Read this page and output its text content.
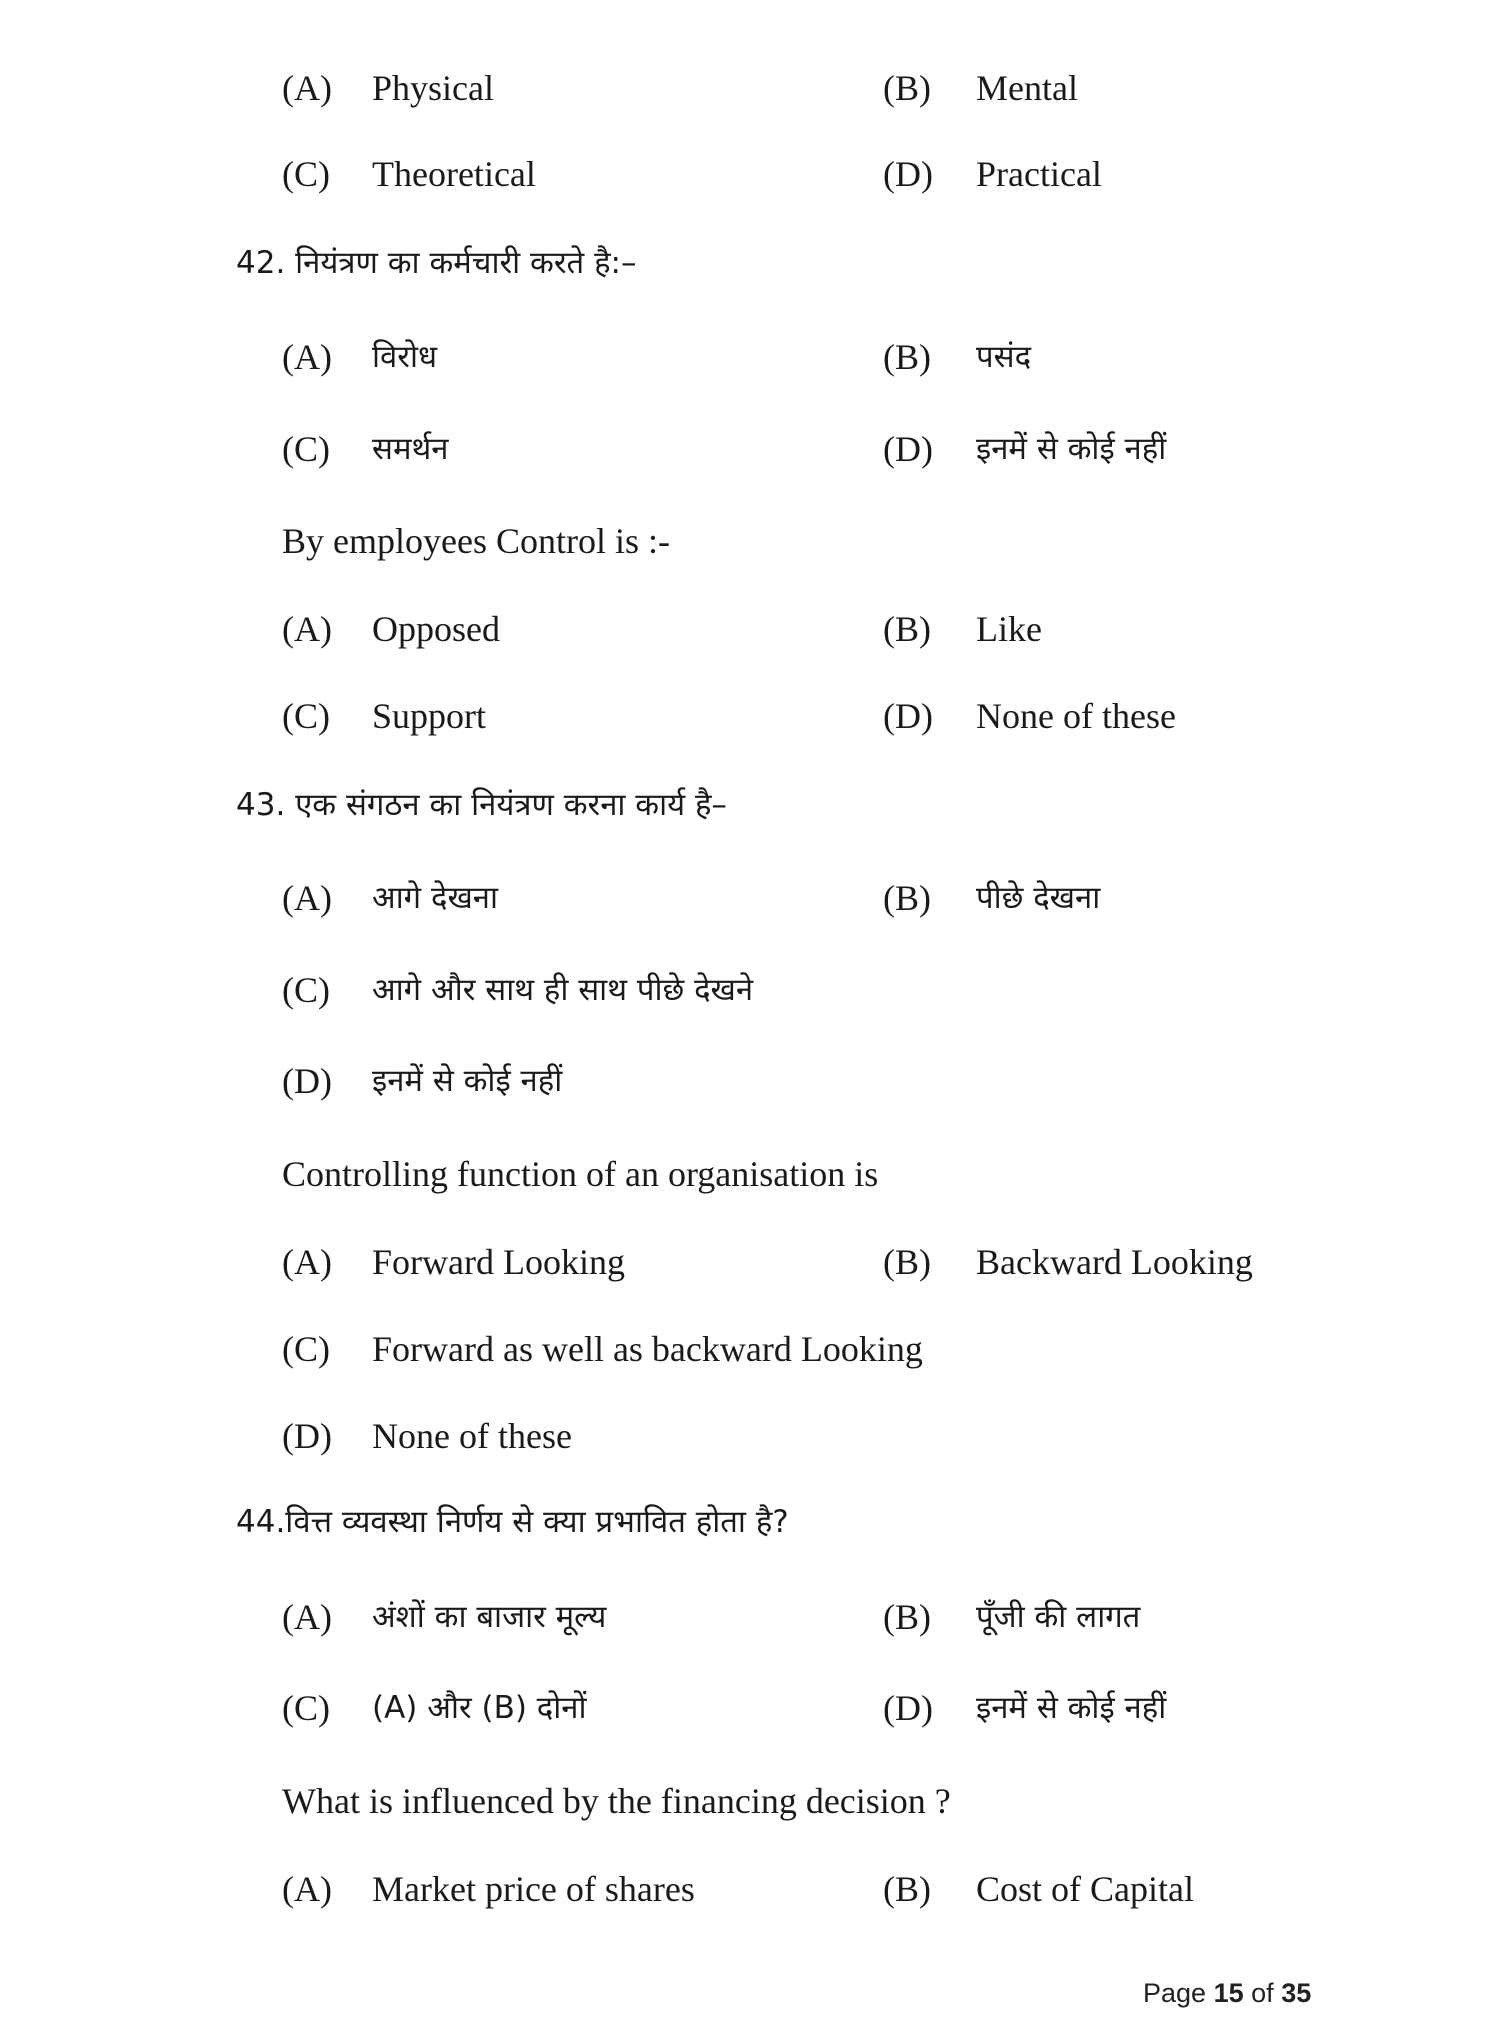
(A) Physical	(B) Mental
(C) Theoretical	(D) Practical
42. नियंत्रण का कर्मचारी करते है:–
(A) विरोध	(B) पसंद
(C) समर्थन	(D) इनमें से कोई नहीं
By employees Control is :-
(A) Opposed	(B) Like
(C) Support	(D) None of these
43. एक संगठन का नियंत्रण करना कार्य है–
(A) आगे देखना	(B) पीछे देखना
(C) आगे और साथ ही साथ पीछे देखने
(D) इनमें से कोई नहीं
Controlling function of an organisation is
(A) Forward Looking	(B) Backward Looking
(C) Forward as well as backward Looking
(D) None of these
44.वित्त व्यवस्था निर्णय से क्या प्रभावित होता है?
(A) अंशों का बाजार मूल्य	(B) पूँजी की लागत
(C) (A) और (B) दोनों	(D) इनमें से कोई नहीं
What is influenced by the financing decision ?
(A) Market price of shares	(B) Cost of Capital
Page 15 of 35
